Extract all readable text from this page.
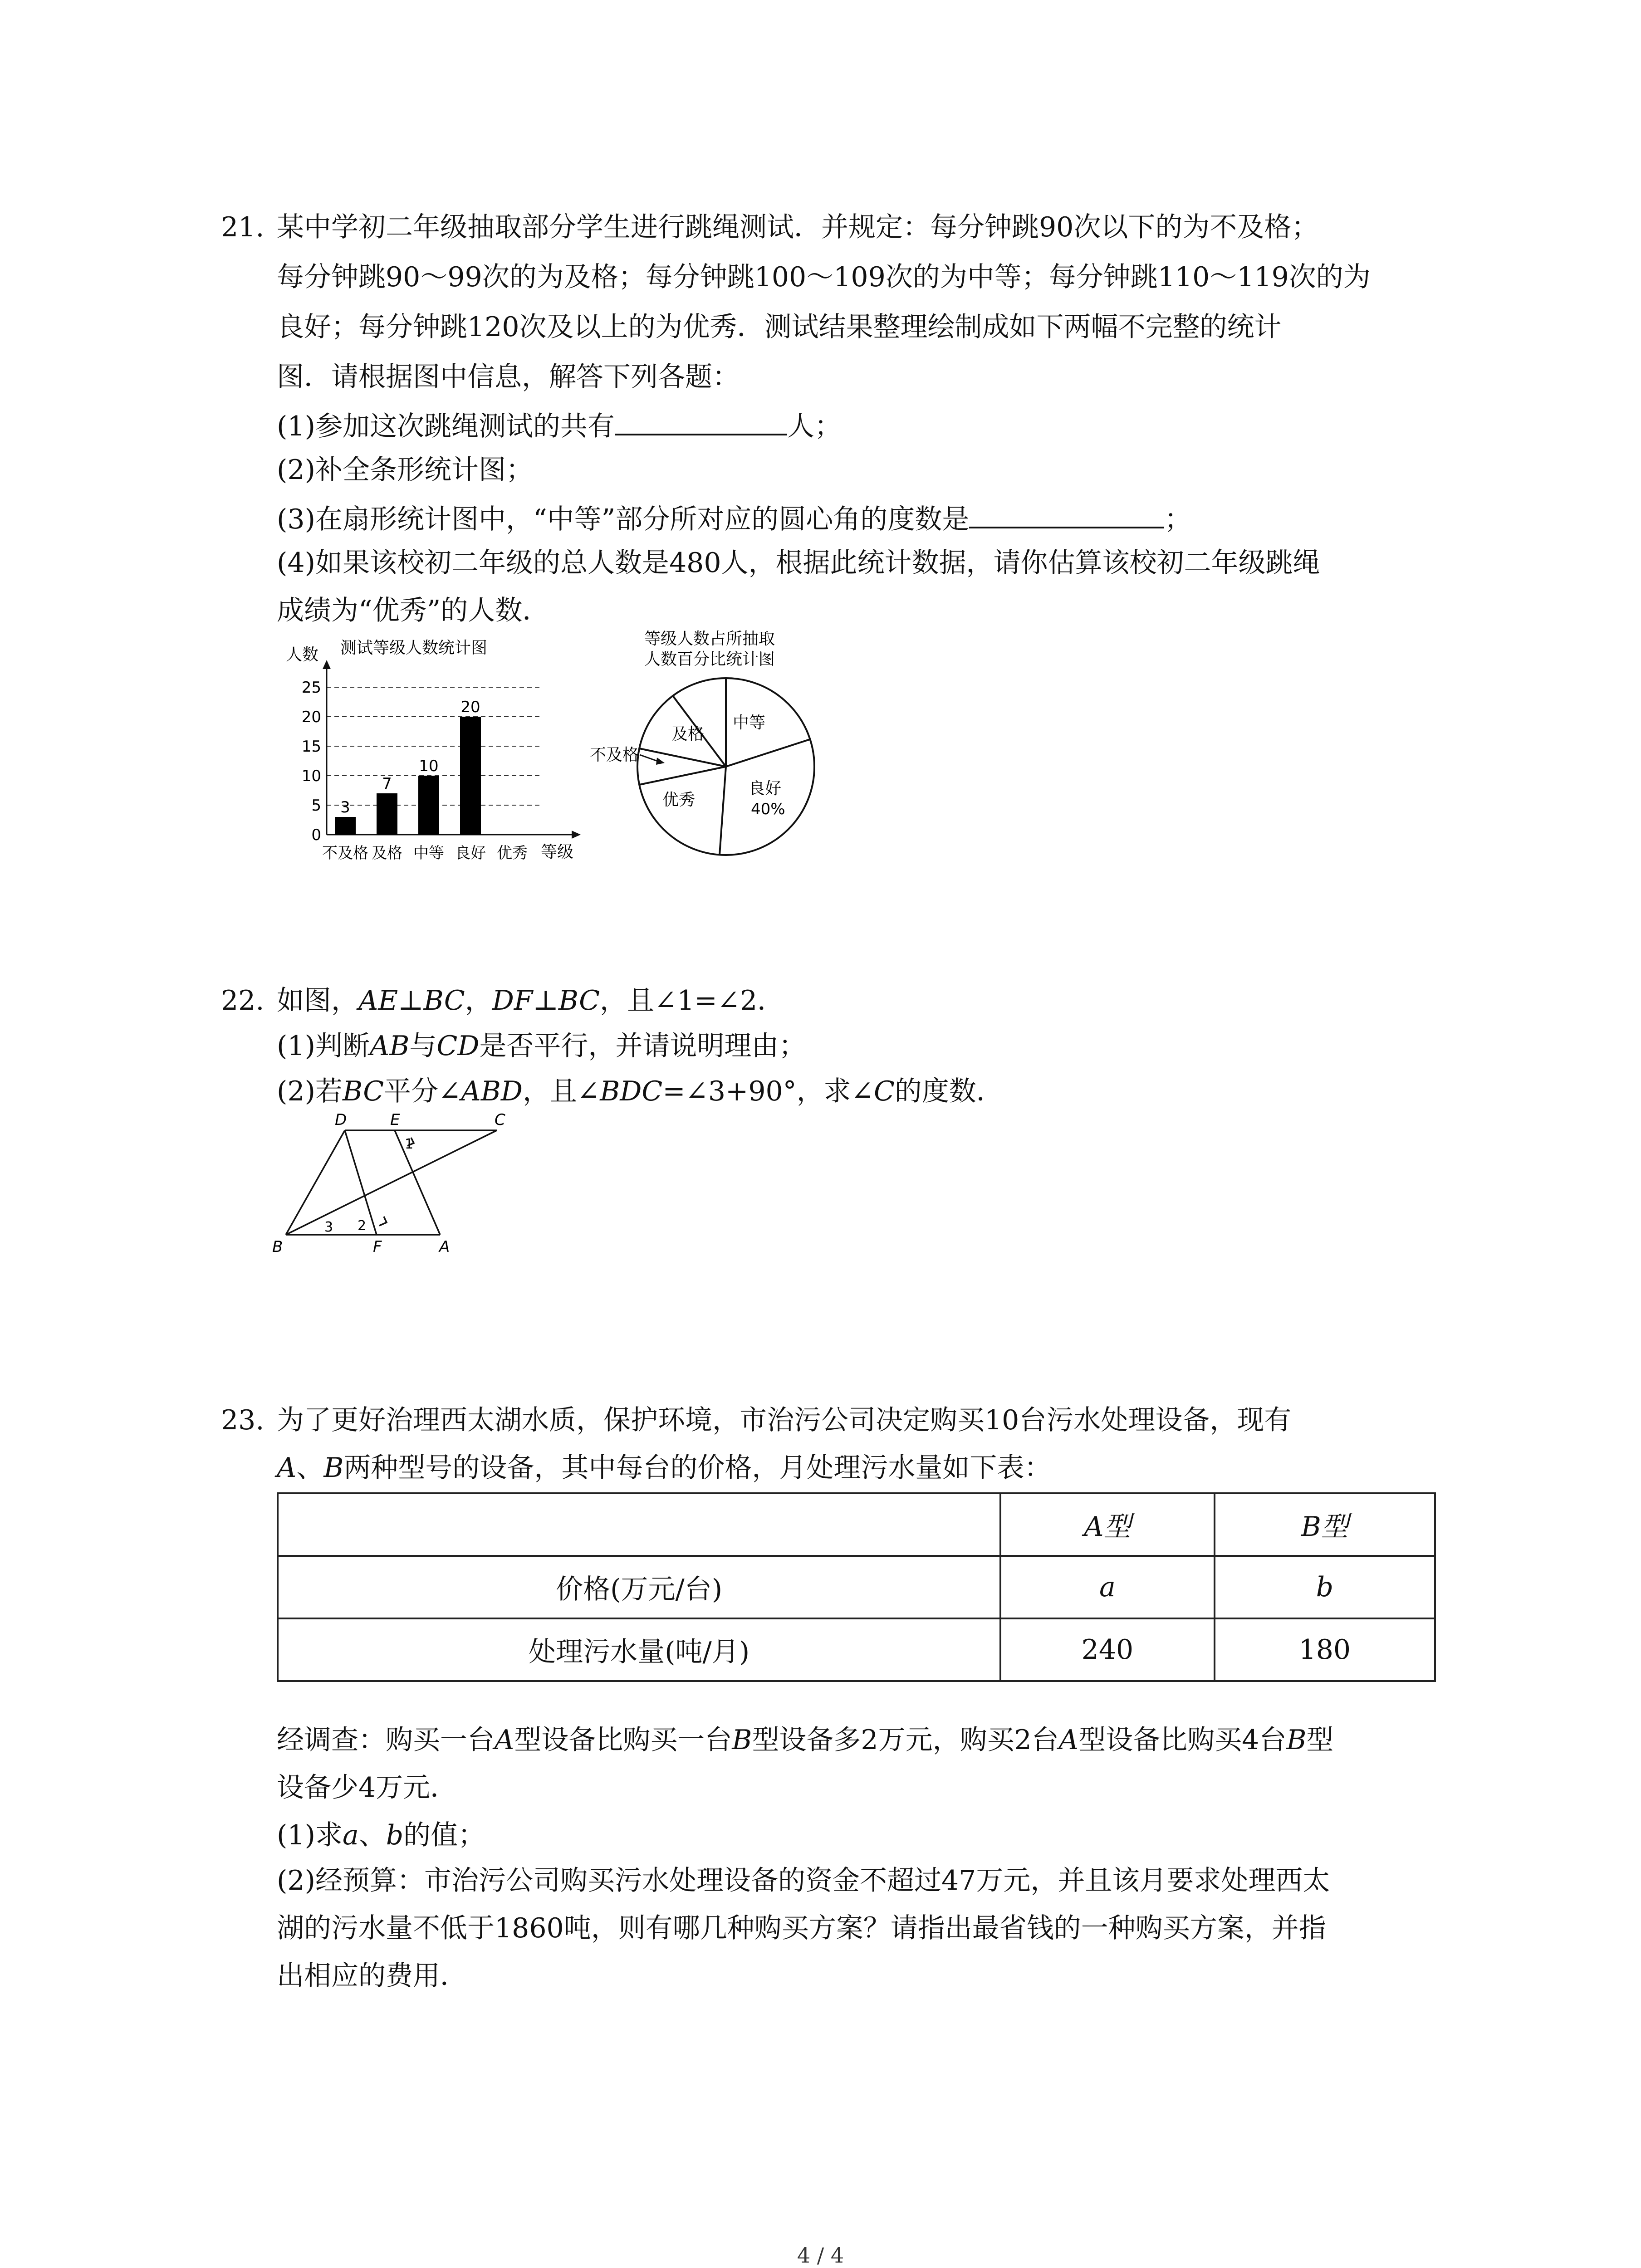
21. 某中学初二年级抽取部分学生进行跳绳测试．并规定：每分钟跳90次以下的为不及格；
每分钟跳90～99次的为及格；每分钟跳100～109次的为中等；每分钟跳110～119次的为
良好；每分钟跳120次及以上的为优秀．测试结果整理绘制成如下两幅不完整的统计
图．请根据图中信息，解答下列各题：
(1)参加这次跳绳测试的共有	人；
(2)补全条形统计图；
(3)在扇形统计图中，“中等”部分所对应的圆心角的度数是	；
(4)如果该校初二年级的总人数是480人，根据此统计数据，请你估算该校初二年级跳绳
成绩为“优秀”的人数．
人数 测试等级人数统计图
0
5
10
15
20
25
3
7
10
20
不及格 及格 中等 良好 优秀 等级
等级人数占所抽取
人数百分比统计图
中等
及格
不及格
优秀
良好
40%
22. 如图，AE⊥BC，DF⊥BC，且∠1=∠2．
(1)判断AB与CD是否平行，并请说明理由；
(2)若BC平分∠ABD，且∠BDC=∠3+90°，求∠C的度数．
D	E	C
B	F	A
1
2
3
23. 为了更好治理西太湖水质，保护环境，市治污公司决定购买10台污水处理设备，现有
A、B两种型号的设备，其中每台的价格，月处理污水量如下表：
	A型	B型
价格(万元/台)	a	b
处理污水量(吨/月)	240	180
经调查：购买一台A型设备比购买一台B型设备多2万元，购买2台A型设备比购买4台B型
设备少4万元．
(1)求a、b的值；
(2)经预算：市治污公司购买污水处理设备的资金不超过47万元，并且该月要求处理西太
湖的污水量不低于1860吨，则有哪几种购买方案？请指出最省钱的一种购买方案，并指
出相应的费用．
4 / 4
